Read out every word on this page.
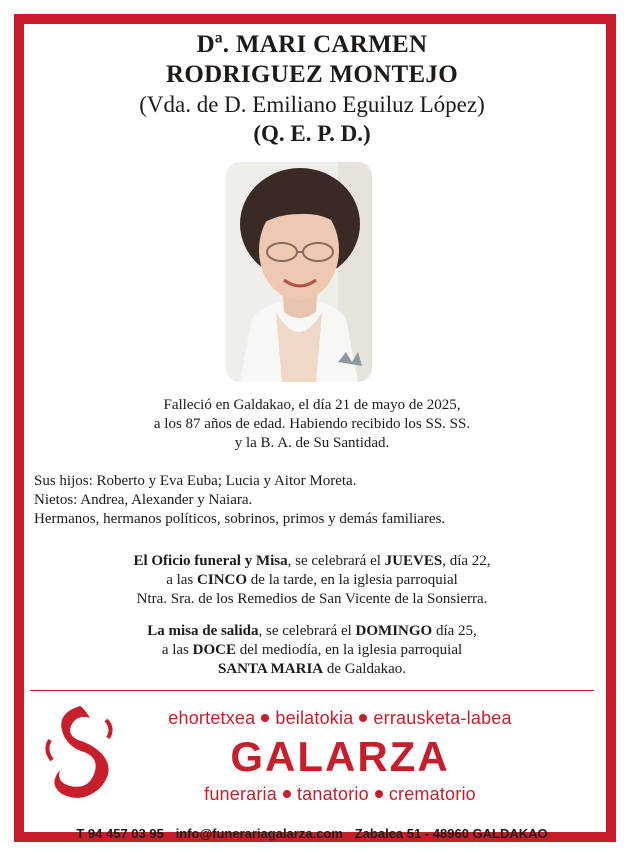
Dª. MARI CARMEN
RODRIGUEZ MONTEJO
(Vda. de D. Emiliano Eguiluz López)
(Q. E. P. D.)
Falleció en Galdakao, el día 21 de mayo de 2025,
a los 87 años de edad. Habiendo recibido los SS. SS.
y la B. A. de Su Santidad.
Sus hijos: Roberto y Eva Euba; Lucia y Aitor Moreta.
Nietos: Andrea, Alexander y Naiara.
Hermanos, hermanos políticos, sobrinos, primos y demás familiares.
El Oficio funeral y Misa, se celebrará el JUEVES, día 22,
a las CINCO de la tarde, en la iglesia parroquial
Ntra. Sra. de los Remedios de San Vicente de la Sonsierra.
La misa de salida, se celebrará el DOMINGO día 25,
a las DOCE del mediodía, en la iglesia parroquial
SANTA MARIA de Galdakao.
ehortetxea beilatokia errausketa-labea
GALARZA
funeraria tanatorio crematorio
T 94 457 03 95 • info@funerariagalarza.com • Zabalea 51 - 48960 GALDAKAO
